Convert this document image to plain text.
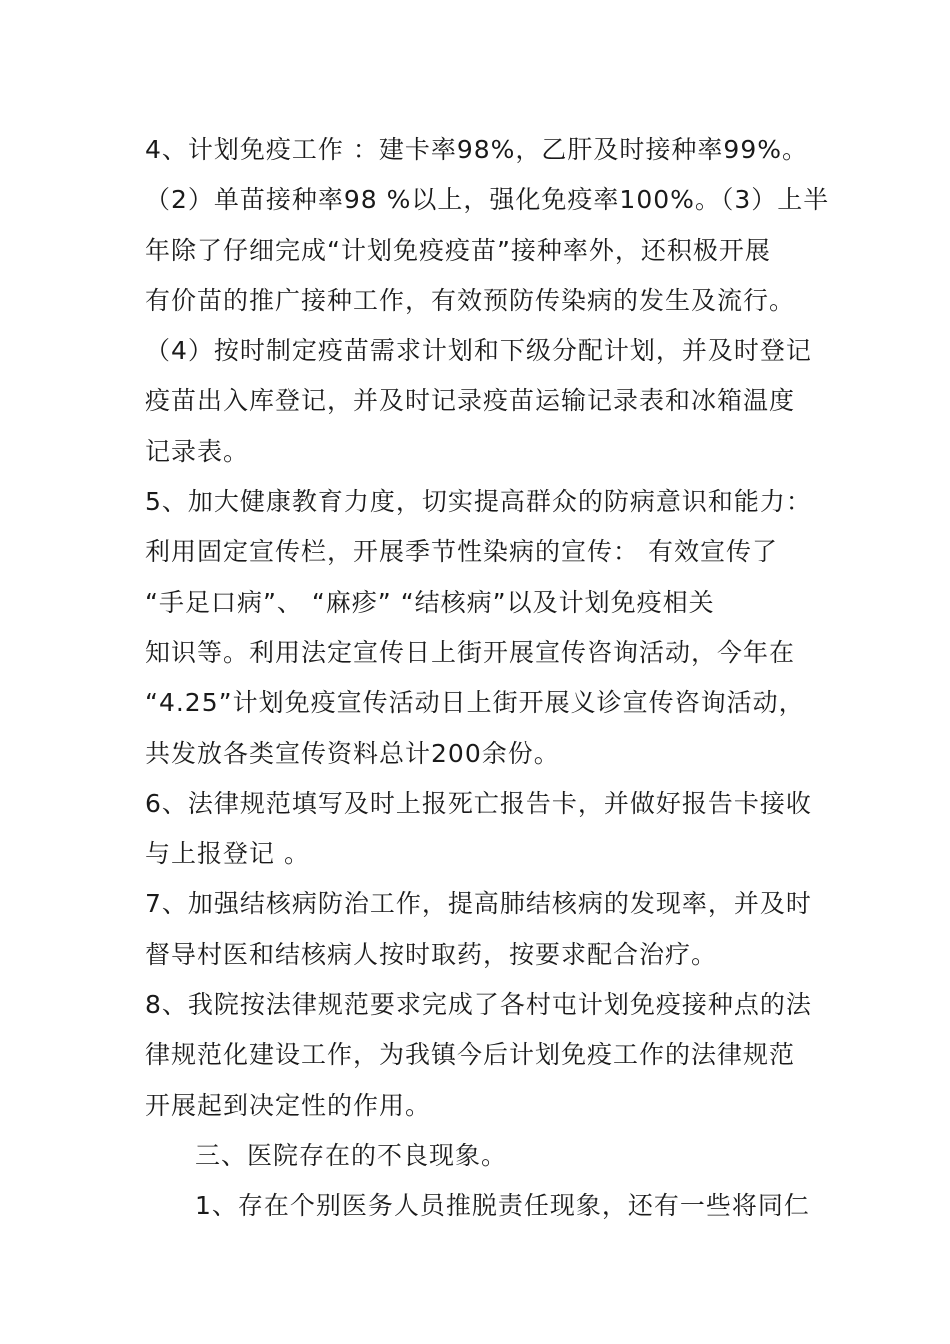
4、计划免疫工作 ：建卡率98%，乙肝及时接种率99%。
（2）单苗接种率98 %以上，强化免疫率100%。（3）上半
年除了仔细完成“计划免疫疫苗”接种率外，还积极开展
有价苗的推广接种工作，有效预防传染病的发生及流行。
（4）按时制定疫苗需求计划和下级分配计划，并及时登记
疫苗出入库登记，并及时记录疫苗运输记录表和冰箱温度
记录表。
5、加大健康教育力度，切实提高群众的防病意识和能力：
利用固定宣传栏，开展季节性染病的宣传： 有效宣传了
“手足口病”、 “麻疹” “结核病”以及计划免疫相关
知识等。利用法定宣传日上街开展宣传咨询活动，今年在
“4.25”计划免疫宣传活动日上街开展义诊宣传咨询活动，
共发放各类宣传资料总计200余份。
6、法律规范填写及时上报死亡报告卡，并做好报告卡接收
与上报登记 。
7、加强结核病防治工作，提高肺结核病的发现率，并及时
督导村医和结核病人按时取药，按要求配合治疗。
8、我院按法律规范要求完成了各村屯计划免疫接种点的法
律规范化建设工作，为我镇今后计划免疫工作的法律规范
开展起到决定性的作用。
三、医院存在的不良现象。
1、存在个别医务人员推脱责任现象，还有一些将同仁
